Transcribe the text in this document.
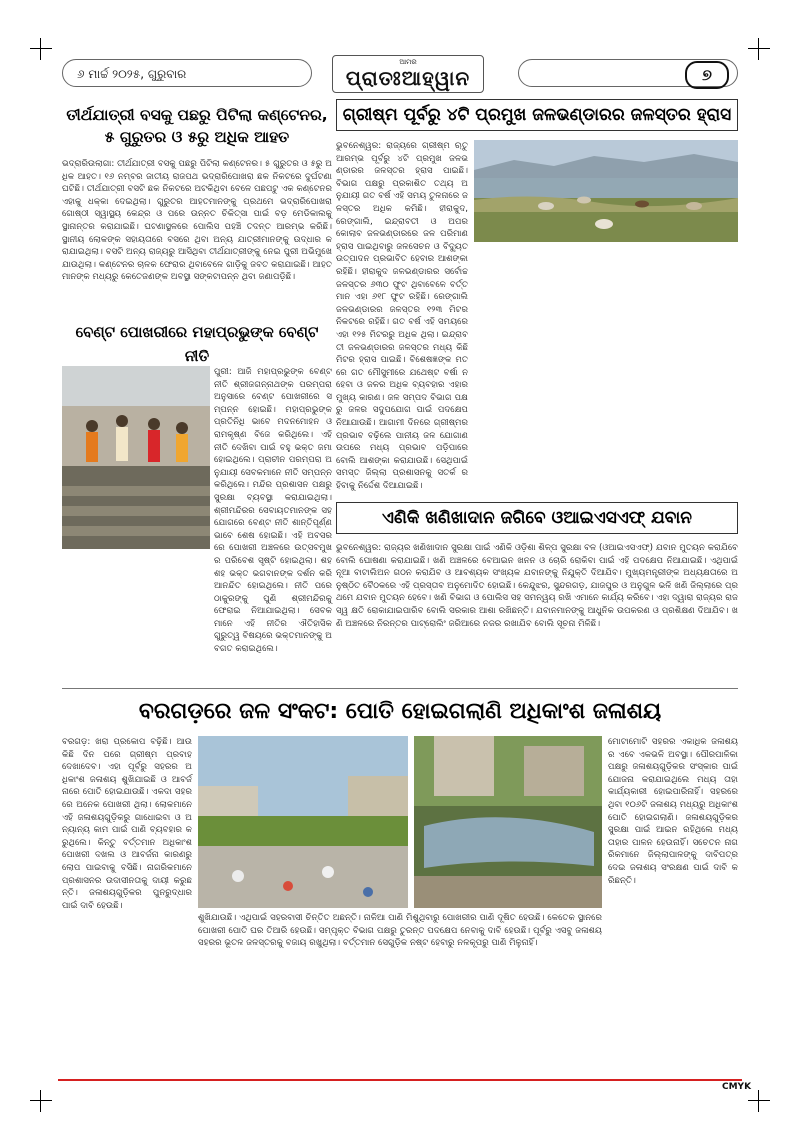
୬ ମାର୍ଚ୍ଚ ୨୦୨୫, ଗୁରୁବାର
ଆମର
ପ୍ରାତଃଆହ୍ୱାନ	୭
ତୀର୍ଥଯାତ୍ରୀ ବସକୁ ପଛରୁ ପିଟିଲା କଣ୍ଟେନର,
୫ ଗୁରୁତର ଓ ୫ରୁ ଅଧିକ ଆହତ
ଭଦ୍ରାରିଉଲାଗା: ତୀର୍ଥଯାତ୍ରୀ ବସକୁ ପଛରୁ ପିଟିଲା କଣ୍ଟେନର। ୫ ଗୁରୁତର ଓ ୫ରୁ ଅଧିକ ଆହତ। ୧୬ ନମ୍ବର ଜାତୀୟ ରାଜପଥ ଭଦ୍ରାରିପୋଖରା ଛକ ନିକଟରେ ଦୁର୍ଘଟଣା ଘଟିଛି। ତୀର୍ଥଯାତ୍ରୀ ବସଟି ଛକ ନିକଟରେ ଅଟକିଥିବା ବେଳେ ପଛପଟୁ ଏକ କଣ୍ଟେନର ଏହାକୁ ଧକ୍କା ଦେଇଥିଲା। ଗୁରୁତର ଆହତମାନଙ୍କୁ ପ୍ରଥମେ ଭଦ୍ରାରିପୋଖରା ଗୋଷ୍ଠୀ ସ୍ୱାସ୍ଥ୍ୟ କେନ୍ଦ୍ର ଓ ପରେ ଉନ୍ନତ ଚିକିତ୍ସା ପାଇଁ ବଡ଼ ମେଡିକାଲକୁ ସ୍ଥାନାନ୍ତର କରାଯାଇଛି। ଘଟଣାସ୍ଥଳରେ ପୋଲିସ ପହଞ୍ଚି ତଦନ୍ତ ଆରମ୍ଭ କରିଛି। ସ୍ଥାନୀୟ ଲୋକଙ୍କ ସହାୟତାରେ ବସରେ ଥିବା ଅନ୍ୟ ଯାତ୍ରୀମାନଙ୍କୁ ଉଦ୍ଧାର କରାଯାଇଥିଲା। ବସଟି ଅନ୍ୟ ରାଜ୍ୟରୁ ଆସିଥିବା ତୀର୍ଥଯାତ୍ରୀଙ୍କୁ ନେଇ ପୁରୀ ଅଭିମୁଖେ ଯାଉଥିଲା। କଣ୍ଟେନର ଚାଳକ ଫେରାର ଥିବାବେଳେ ଗାଡ଼ିକୁ ଜବତ କରାଯାଇଛି। ଆହତମାନଙ୍କ ମଧ୍ୟରୁ କେତେଜଣଙ୍କ ଅବସ୍ଥା ସଙ୍କଟାପନ୍ନ ଥିବା ଜଣାପଡ଼ିଛି।
ଗ୍ରୀଷ୍ମ ପୂର୍ବରୁ ୪ଟି ପ୍ରମୁଖ ଜଳଭଣ୍ଡାରର ଜଳସ୍ତର ହ୍ରାସ
ଭୁବନେଶ୍ୱର: ରାଜ୍ୟରେ ଗ୍ରୀଷ୍ମ ଋତୁ ଆରମ୍ଭ ପୂର୍ବରୁ ୪ଟି ପ୍ରମୁଖ ଜଳଭଣ୍ଡାରର ଜଳସ୍ତର ହ୍ରାସ ପାଇଛି। ବିଭାଗ ପକ୍ଷରୁ ପ୍ରକାଶିତ ତଥ୍ୟ ଅନୁଯାୟୀ ଗତ ବର୍ଷ ଏହି ସମୟ ତୁଳନାରେ ଜଳସ୍ତର ଅଧିକ କମିଛି। ହୀରାକୁଦ, ରେଙ୍ଗାଲି, ଇନ୍ଦ୍ରାବତୀ ଓ ଅପର କୋଲାବ ଜଳଭଣ୍ଡାରରେ ଜଳ ପରିମାଣ ହ୍ରାସ ପାଇଥିବାରୁ ଜଳସେଚନ ଓ ବିଦ୍ୟୁତ ଉତ୍ପାଦନ ପ୍ରଭାବିତ ହେବାର ଆଶଙ୍କା ରହିଛି। ହୀରାକୁଦ ଜଳଭଣ୍ଡାରର ସର୍ବୋଚ୍ଚ ଜଳସ୍ତର ୬୩୦ ଫୁଟ ଥିବାବେଳେ ବର୍ତ୍ତମାନ ଏହା ୬୧୮ ଫୁଟ ରହିଛି। ରେଙ୍ଗାଲି ଜଳଭଣ୍ଡାରର ଜଳସ୍ତର ୧୨୩ ମିଟର ନିକଟରେ ରହିଛି। ଗତ ବର୍ଷ ଏହି ସମୟରେ ଏହା ୧୨୫ ମିଟରରୁ ଅଧିକ ଥିଲା। ଇନ୍ଦ୍ରାବତୀ ଜଳଭଣ୍ଡାରର ଜଳସ୍ତର ମଧ୍ୟ କିଛି ମିଟର ହ୍ରାସ ପାଇଛି। ବିଶେଷଜ୍ଞଙ୍କ ମତରେ ଗତ ମୌସୁମୀରେ ଯଥେଷ୍ଟ ବର୍ଷା ନହେବା ଓ ଜଳର ଅଧିକ ବ୍ୟବହାର ଏହାର ମୁଖ୍ୟ କାରଣ। ଜଳ ସମ୍ପଦ ବିଭାଗ ପକ୍ଷରୁ ଜଳର ସଦୁପଯୋଗ ପାଇଁ ପଦକ୍ଷେପ ନିଆଯାଉଛି। ଆଗାମୀ ଦିନରେ ଗ୍ରୀଷ୍ମର ପ୍ରଭାବ ବଢ଼ିଲେ ପାନୀୟ ଜଳ ଯୋଗାଣ ଉପରେ ମଧ୍ୟ ପ୍ରଭାବ ପଡ଼ିପାରେ ବୋଲି ଆଶଙ୍କା କରାଯାଉଛି। ସେଥିପାଇଁ ସମସ୍ତ ଜିଲ୍ଲା ପ୍ରଶାସନକୁ ସତର୍କ ରହିବାକୁ ନିର୍ଦ୍ଦେଶ ଦିଆଯାଇଛି।
ବେଣ୍ଟ ପୋଖରୀରେ ମହାପ୍ରଭୁଙ୍କ ବେଣ୍ଟ ନୀତି
ପୁରୀ: ଆଜି ମହାପ୍ରଭୁଙ୍କ ବେଣ୍ଟ ନୀତି ଶ୍ରୀଜଗନ୍ନାଥଙ୍କ ପରମ୍ପରା ଅନୁସାରେ ବେଣ୍ଟ ପୋଖରୀରେ ସମ୍ପନ୍ନ ହୋଇଛି। ମହାପ୍ରଭୁଙ୍କ ପ୍ରତିନିଧି ଭାବେ ମଦନମୋହନ ଓ ରାମକୃଷ୍ଣ ବିଜେ କରିଥିଲେ। ଏହି ନୀତି ଦେଖିବା ପାଇଁ ବହୁ ଭକ୍ତ ଜମା ହୋଇଥିଲେ। ପ୍ରାଚୀନ ପରମ୍ପରା ଅନୁଯାୟୀ ସେବକମାନେ ନୀତି ସମ୍ପନ୍ନ କରିଥିଲେ। ମନ୍ଦିର ପ୍ରଶାସନ ପକ୍ଷରୁ ସୁରକ୍ଷା ବ୍ୟବସ୍ଥା କରାଯାଇଥିଲା। ଶ୍ରୀମନ୍ଦିରର ସେବାୟତମାନଙ୍କ ସହଯୋଗରେ ବେଣ୍ଟ ନୀତି ଶାନ୍ତିପୂର୍ଣ୍ଣ ଭାବେ ଶେଷ ହୋଇଛି। ଏହି ଅବସରରେ ପୋଖରୀ ଅଞ୍ଚଳରେ ଉତ୍ସବମୁଖର ପରିବେଶ ସୃଷ୍ଟି ହୋଇଥିଲା। ଶହ ଶହ ଭକ୍ତ ଭଗବାନଙ୍କ ଦର୍ଶନ କରି ଆନନ୍ଦିତ ହୋଇଥିଲେ। ନୀତି ପରେ ଠାକୁରଙ୍କୁ ପୁଣି ଶ୍ରୀମନ୍ଦିରକୁ ଫେରାଇ ନିଆଯାଇଥିଲା। ସେବକମାନେ ଏହି ନୀତିର ଐତିହାସିକ ଗୁରୁତ୍ୱ ବିଷୟରେ ଭକ୍ତମାନଙ୍କୁ ଅବଗତ କରାଇଥିଲେ।
ଏଣିକି ଖଣିଖାଦାନ ଜଗିବେ ଓଆଇଏସଏଫ୍ ଯବାନ
ଭୁବନେଶ୍ୱର: ରାଜ୍ୟର ଖଣିଖାଦାନ ସୁରକ୍ଷା ପାଇଁ ଏଣିକି ଓଡ଼ିଶା ଶିଳ୍ପ ସୁରକ୍ଷା ବଳ (ଓଆଇଏସଏଫ୍) ଯବାନ ମୁତୟନ କରାଯିବେ ବୋଲି ଘୋଷଣା କରାଯାଇଛି। ଖଣି ଅଞ୍ଚଳରେ ବେଆଇନ ଖନନ ଓ ଚୋରି ରୋକିବା ପାଇଁ ଏହି ପଦକ୍ଷେପ ନିଆଯାଇଛି। ଏଥିପାଇଁ ନୂଆ ବାଟାଲିଅନ ଗଠନ କରାଯିବ ଓ ଆବଶ୍ୟକ ସଂଖ୍ୟକ ଯବାନଙ୍କୁ ନିଯୁକ୍ତି ଦିଆଯିବ। ମୁଖ୍ୟମନ୍ତ୍ରୀଙ୍କ ଅଧ୍ୟକ୍ଷତାରେ ଅନୁଷ୍ଠିତ ବୈଠକରେ ଏହି ପ୍ରସ୍ତାବ ଅନୁମୋଦିତ ହୋଇଛି। କେନ୍ଦୁଝର, ସୁନ୍ଦରଗଡ଼, ଯାଜପୁର ଓ ଅନୁଗୁଳ ଭଳି ଖଣି ଜିଲ୍ଲାରେ ପ୍ରଥମେ ଯବାନ ମୁତୟନ ହେବେ। ଖଣି ବିଭାଗ ଓ ପୋଲିସ ସହ ସମନ୍ୱୟ ରଖି ଏମାନେ କାର୍ଯ୍ୟ କରିବେ। ଏହା ଦ୍ୱାରା ରାଜ୍ୟର ରାଜସ୍ୱ କ୍ଷତି ରୋକାଯାଇପାରିବ ବୋଲି ସରକାର ଆଶା ରଖିଛନ୍ତି। ଯବାନମାନଙ୍କୁ ଆଧୁନିକ ଉପକରଣ ଓ ପ୍ରଶିକ୍ଷଣ ଦିଆଯିବ। ଖଣି ଅଞ୍ଚଳରେ ନିରନ୍ତର ପାଟ୍ରୋଲିଂ ଜରିଆରେ ନଜର ରଖାଯିବ ବୋଲି ସୂଚନା ମିଳିଛି।
ବରଗଡ଼ରେ ଜଳ ସଂକଟ: ପୋତି ହୋଇଗଲାଣି ଅଧିକାଂଶ ଜଳାଶୟ
ବରଗଡ଼: ଖରା ପ୍ରକୋପ ବଢ଼ିଛି। ଆଉ କିଛି ଦିନ ପରେ ଗ୍ରୀଷ୍ମ ପ୍ରବାହ ଦେଖାଦେବ। ଏହା ପୂର୍ବରୁ ସହରର ଅଧିକାଂଶ ଜଳାଶୟ ଶୁଖିଯାଇଛି ଓ ଆବର୍ଜନାରେ ପୋତି ହୋଇଯାଉଛି। ଏକଦା ସହରରେ ଅନେକ ପୋଖରୀ ଥିଲା। ଲୋକମାନେ ଏହି ଜଳାଶୟଗୁଡ଼ିକରୁ ଗାଧୋଇବା ଓ ଅନ୍ୟାନ୍ୟ କାମ ପାଇଁ ପାଣି ବ୍ୟବହାର କରୁଥିଲେ। କିନ୍ତୁ ବର୍ତ୍ତମାନ ଅଧିକାଂଶ ପୋଖରୀ ଦଖଲ ଓ ଆବର୍ଜନା କାରଣରୁ ଲୋପ ପାଇବାକୁ ବସିଛି। ନାଗରିକମାନେ ପ୍ରଶାସନର ଉଦାସୀନତାକୁ ଦାୟୀ କରୁଛନ୍ତି। ଜଳାଶୟଗୁଡ଼ିକର ପୁନରୁଦ୍ଧାର ପାଇଁ ଦାବି ହେଉଛି।
ଶୁଖିଯାଉଛି। ଏଥିପାଇଁ ସହରବାସୀ ଚିନ୍ତିତ ଅଛନ୍ତି। ନାଳିଆ ପାଣି ମିଶୁଥିବାରୁ ପୋଖରୀର ପାଣି ଦୂଷିତ ହେଉଛି। କେତେକ ସ୍ଥାନରେ ପୋଖରୀ ପୋତି ଘର ତିଆରି ହେଉଛି। ସମ୍ପୃକ୍ତ ବିଭାଗ ପକ୍ଷରୁ ତୁରନ୍ତ ପଦକ୍ଷେପ ନେବାକୁ ଦାବି ହେଉଛି। ପୂର୍ବରୁ ଏସବୁ ଜଳାଶୟ ସହରର ଭୂତଳ ଜଳସ୍ତରକୁ ବଜାୟ ରଖୁଥିଲା। ବର୍ତ୍ତମାନ ସେଗୁଡ଼ିକ ନଷ୍ଟ ହେବାରୁ ନଳକୂପରୁ ପାଣି ମିଳୁନାହିଁ।
ମୋଟାମୋଟି ସହରର ଏକାଧିକ ଜଳାଶୟର ଏବେ ଏକଭଳି ଅବସ୍ଥା। ପୌରପାଳିକା ପକ୍ଷରୁ ଜଳାଶୟଗୁଡ଼ିକର ସଂସ୍କାର ପାଇଁ ଯୋଜନା କରାଯାଇଥିଲେ ମଧ୍ୟ ତାହା କାର୍ଯ୍ୟକାରୀ ହୋଇପାରିନାହିଁ। ସହରରେ ଥିବା ୧୦୬ଟି ଜଳାଶୟ ମଧ୍ୟରୁ ଅଧିକାଂଶ ପୋତି ହୋଇଗଲାଣି। ଜଳାଶୟଗୁଡ଼ିକର ସୁରକ୍ଷା ପାଇଁ ଆଇନ ରହିଥିଲେ ମଧ୍ୟ ତାହାର ପାଳନ ହେଉନାହିଁ। ସଚେତନ ନାଗରିକମାନେ ଜିଲ୍ଲାପାଳଙ୍କୁ ଦାବିପତ୍ର ଦେଇ ଜଳାଶୟ ସଂରକ୍ଷଣ ପାଇଁ ଦାବି କରିଛନ୍ତି।
CMYK
